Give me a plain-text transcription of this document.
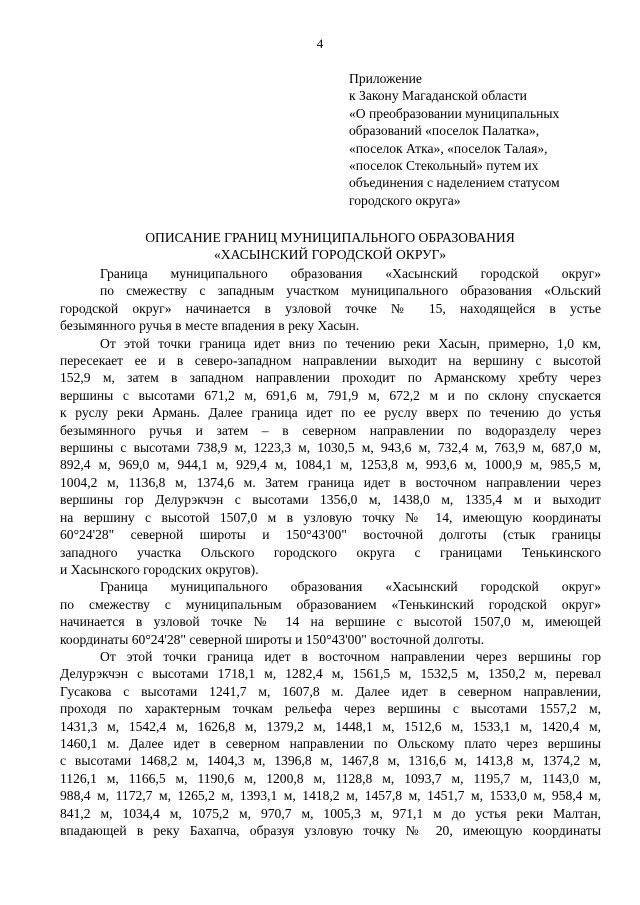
4
Приложение
к Закону Магаданской области
«О преобразовании муниципальных
образований «поселок Палатка»,
«поселок Атка», «поселок Талая»,
«поселок Стекольный» путем их
объединения с наделением статусом
городского округа»
ОПИСАНИЕ ГРАНИЦ МУНИЦИПАЛЬНОГО ОБРАЗОВАНИЯ
«ХАСЫНСКИЙ ГОРОДСКОЙ ОКРУГ»

Граница муниципального образования «Хасынский городской округ»

по смежеству с западным участком муниципального образования «Ольский

городской округ» начинается в узловой точке № 15, находящейся в устье

безымянного ручья в месте впадения в реку Хасын.

От этой точки граница идет вниз по течению реки Хасын, примерно, 1,0 км,

пересекает ее и в северо-западном направлении выходит на вершину с высотой

152,9 м, затем в западном направлении проходит по Арманскому хребту через

вершины с высотами 671,2 м, 691,6 м, 791,9 м, 672,2 м и по склону спускается

к руслу реки Армань. Далее граница идет по ее руслу вверх по течению до устья

безымянного ручья и затем – в северном направлении по водоразделу через

вершины с высотами 738,9 м, 1223,3 м, 1030,5 м, 943,6 м, 732,4 м, 763,9 м, 687,0 м,

892,4 м, 969,0 м, 944,1 м, 929,4 м, 1084,1 м, 1253,8 м, 993,6 м, 1000,9 м, 985,5 м,

1004,2 м, 1136,8 м, 1374,6 м. Затем граница идет в восточном направлении через

вершины гор Делурэкчэн с высотами 1356,0 м, 1438,0 м, 1335,4 м и выходит

на вершину с высотой 1507,0 м в узловую точку № 14, имеющую координаты

60°24'28" северной широты и 150°43'00" восточной долготы (стык границы

западного участка Ольского городского округа с границами Тенькинского

и Хасынского городских округов).

Граница муниципального образования «Хасынский городской округ»

по смежеству с муниципальным образованием «Тенькинский городской округ»

начинается в узловой точке № 14 на вершине с высотой 1507,0 м, имеющей

координаты 60°24'28" северной широты и 150°43'00" восточной долготы.

От этой точки граница идет в восточном направлении через вершины гор

Делурэкчэн с высотами 1718,1 м, 1282,4 м, 1561,5 м, 1532,5 м, 1350,2 м, перевал

Гусакова с высотами 1241,7 м, 1607,8 м. Далее идет в северном направлении,

проходя по характерным точкам рельефа через вершины с высотами 1557,2 м,

1431,3 м, 1542,4 м, 1626,8 м, 1379,2 м, 1448,1 м, 1512,6 м, 1533,1 м, 1420,4 м,

1460,1 м. Далее идет в северном направлении по Ольскому плато через вершины

с высотами 1468,2 м, 1404,3 м, 1396,8 м, 1467,8 м, 1316,6 м, 1413,8 м, 1374,2 м,

1126,1 м, 1166,5 м, 1190,6 м, 1200,8 м, 1128,8 м, 1093,7 м, 1195,7 м, 1143,0 м,

988,4 м, 1172,7 м, 1265,2 м, 1393,1 м, 1418,2 м, 1457,8 м, 1451,7 м, 1533,0 м, 958,4 м,

841,2 м, 1034,4 м, 1075,2 м, 970,7 м, 1005,3 м, 971,1 м до устья реки Малтан,

впадающей в реку Бахапча, образуя узловую точку № 20, имеющую координаты
